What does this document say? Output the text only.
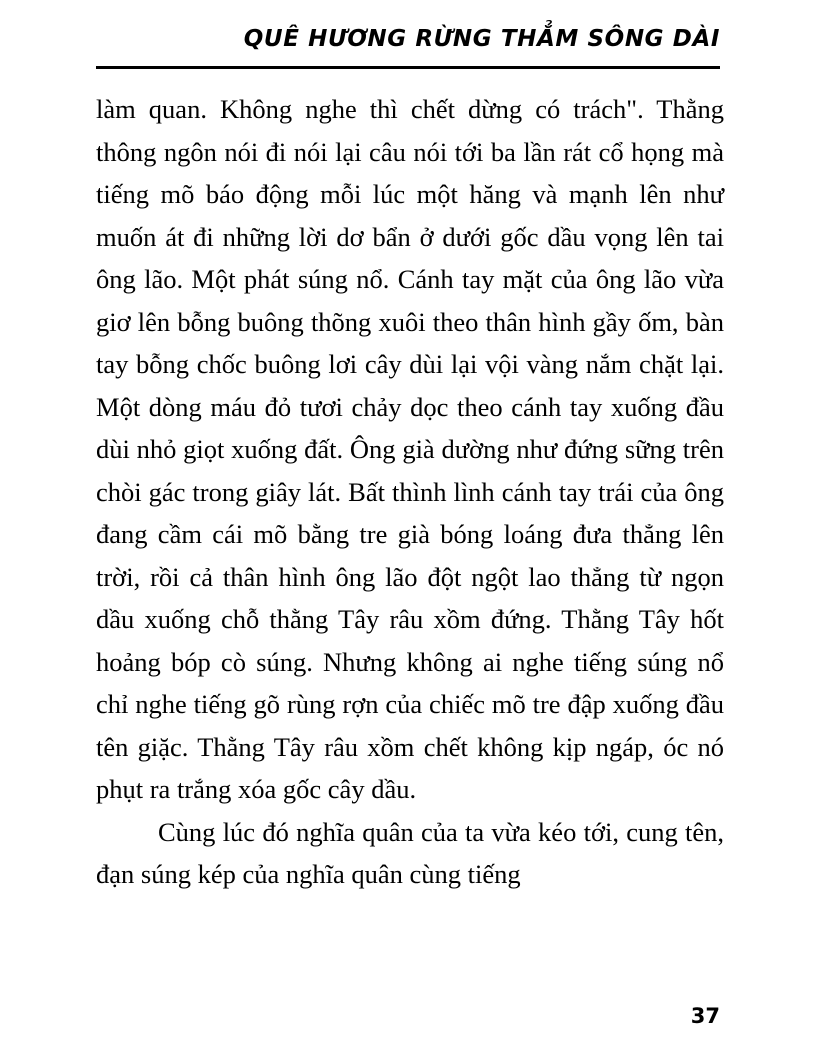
QUÊ HƯƠNG RỪNG THẲM SÔNG DÀI

làm quan. Không nghe thì chết dừng có trách". Thằng thông ngôn nói đi nói lại câu nói tới ba lần rát cổ họng mà tiếng mõ báo động mỗi lúc một hăng và mạnh lên như muốn át đi những lời dơ bẩn ở dưới gốc dầu vọng lên tai ông lão. Một phát súng nổ. Cánh tay mặt của ông lão vừa giơ lên bỗng buông thõng xuôi theo thân hình gầy ốm, bàn tay bỗng chốc buông lơi cây dùi lại vội vàng nắm chặt lại. Một dòng máu đỏ tươi chảy dọc theo cánh tay xuống đầu dùi nhỏ giọt xuống đất. Ông già dường như đứng sững trên chòi gác trong giây lát. Bất thình lình cánh tay trái của ông đang cầm cái mõ bằng tre già bóng loáng đưa thẳng lên trời, rồi cả thân hình ông lão đột ngột lao thẳng từ ngọn dầu xuống chỗ thằng Tây râu xồm đứng. Thằng Tây hốt hoảng bóp cò súng. Nhưng không ai nghe tiếng súng nổ chỉ nghe tiếng gõ rùng rợn của chiếc mõ tre đập xuống đầu tên giặc. Thằng Tây râu xồm chết không kịp ngáp, óc nó phụt ra trắng xóa gốc cây dầu.

Cùng lúc đó nghĩa quân của ta vừa kéo tới, cung tên, đạn súng kép của nghĩa quân cùng tiếng

37
